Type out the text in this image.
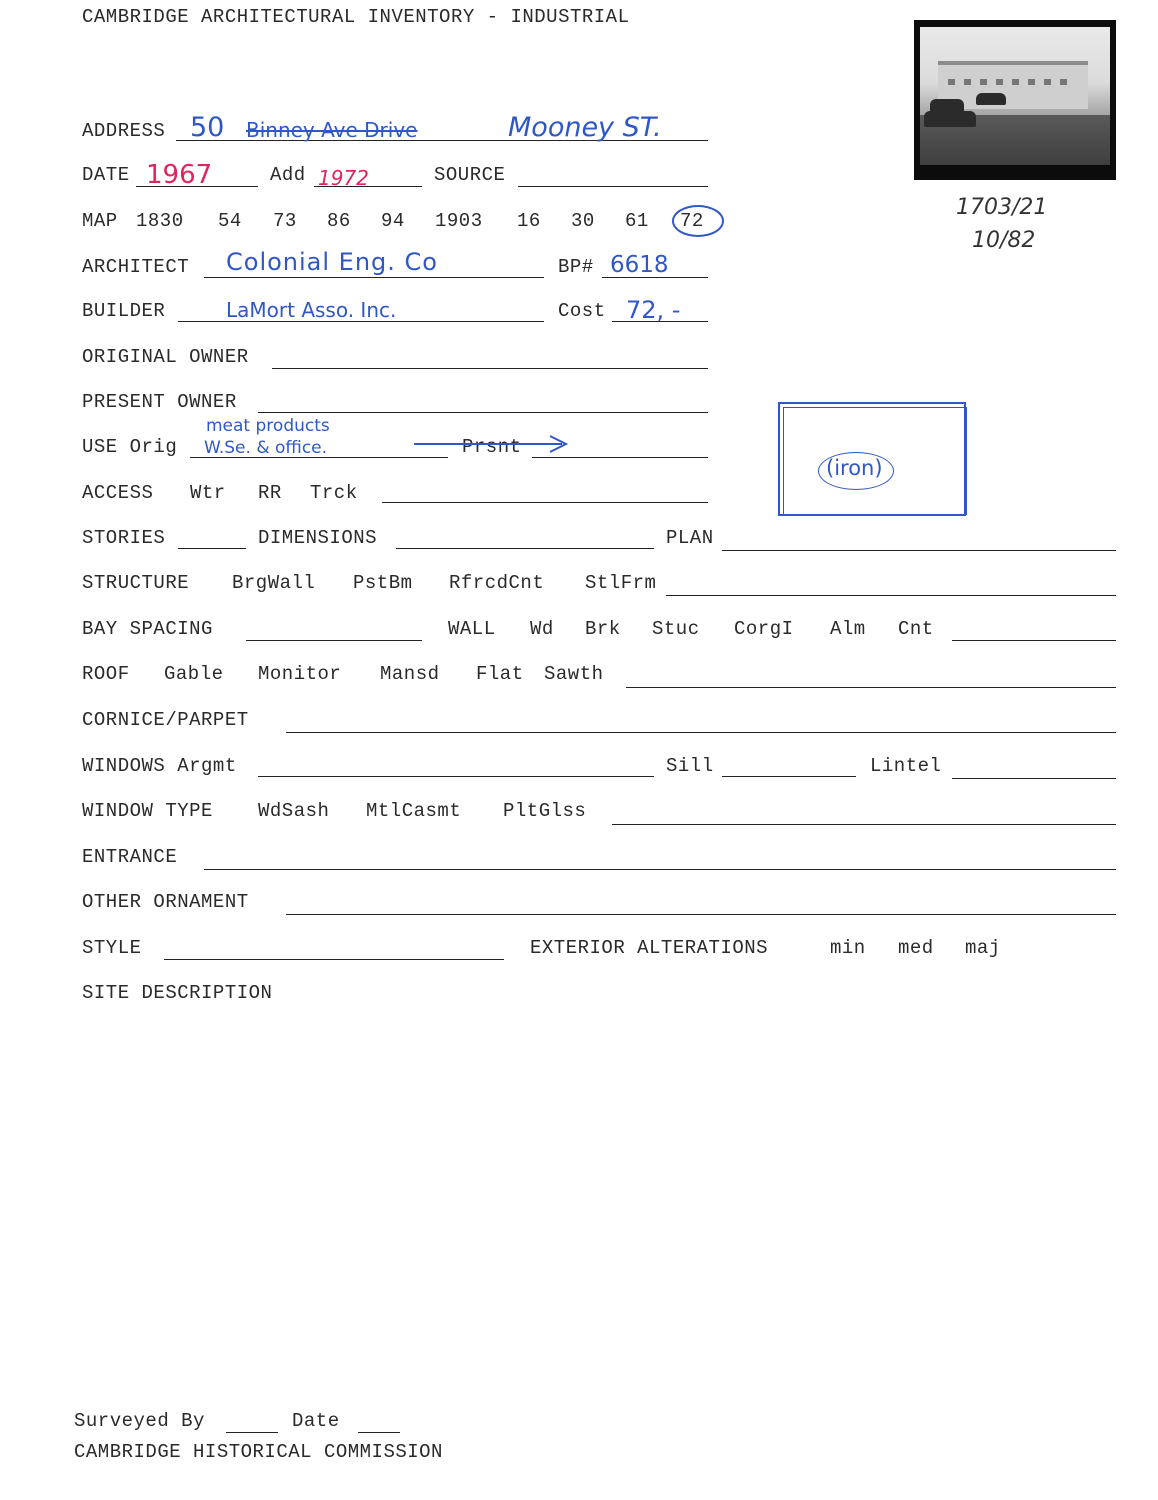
CAMBRIDGE ARCHITECTURAL INVENTORY - INDUSTRIAL
1703/21
10/82
ADDRESS 50 Binney Ave Drive	Mooney ST.
DATE 1967	Add 1972	SOURCE
MAP 1830 54 73 86 94 1903 16 30 61 72
ARCHITECT Colonial Eng. Co	BP# 6618
BUILDER	LaMort Asso. Inc.	Cost 72, -
ORIGINAL OWNER
PRESENT OWNER
USE Orig
meat products
W.Se. & office.	Prsnt
ACCESS Wtr RR Trck
(iron)
STORIES	DIMENSIONS	PLAN
STRUCTURE BrgWall PstBm RfrcdCnt StlFrm
BAY SPACING	WALL Wd Brk Stuc CorgI Alm Cnt
ROOF Gable Monitor Mansd Flat Sawth
CORNICE/PARPET
WINDOWS Argmt	Sill	Lintel
WINDOW TYPE WdSash MtlCasmt PltGlss
ENTRANCE
OTHER ORNAMENT
STYLE	EXTERIOR ALTERATIONS	min med maj
SITE DESCRIPTION
Surveyed By	Date
CAMBRIDGE HISTORICAL COMMISSION
